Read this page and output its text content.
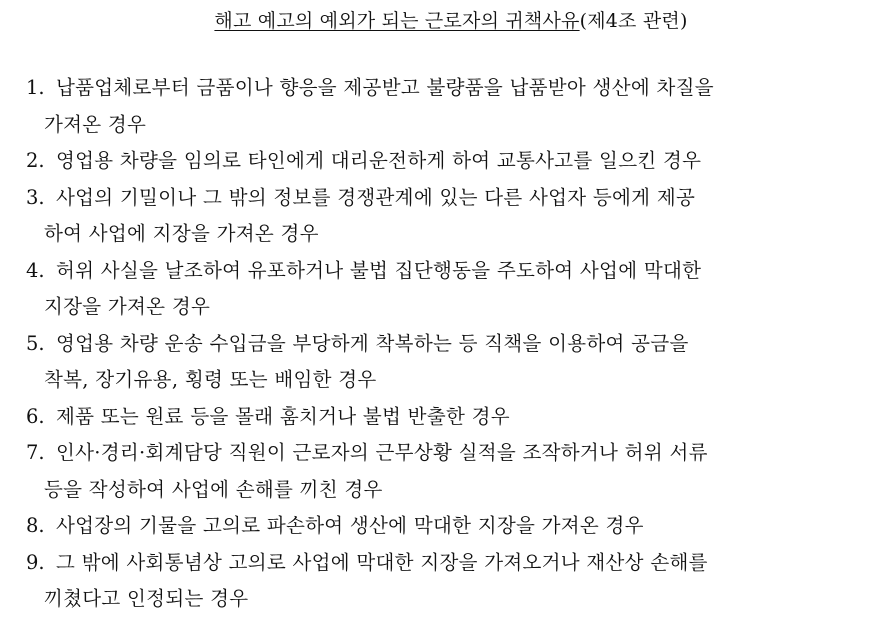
해고 예고의 예외가 되는 근로자의 귀책사유(제4조 관련)
1. 납품업체로부터 금품이나 향응을 제공받고 불량품을 납품받아 생산에 차질을
가져온 경우
2. 영업용 차량을 임의로 타인에게 대리운전하게 하여 교통사고를 일으킨 경우
3. 사업의 기밀이나 그 밖의 정보를 경쟁관계에 있는 다른 사업자 등에게 제공
하여 사업에 지장을 가져온 경우
4. 허위 사실을 날조하여 유포하거나 불법 집단행동을 주도하여 사업에 막대한
지장을 가져온 경우
5. 영업용 차량 운송 수입금을 부당하게 착복하는 등 직책을 이용하여 공금을
착복, 장기유용, 횡령 또는 배임한 경우
6. 제품 또는 원료 등을 몰래 훔치거나 불법 반출한 경우
7. 인사·경리·회계담당 직원이 근로자의 근무상황 실적을 조작하거나 허위 서류
등을 작성하여 사업에 손해를 끼친 경우
8. 사업장의 기물을 고의로 파손하여 생산에 막대한 지장을 가져온 경우
9. 그 밖에 사회통념상 고의로 사업에 막대한 지장을 가져오거나 재산상 손해를
끼쳤다고 인정되는 경우
